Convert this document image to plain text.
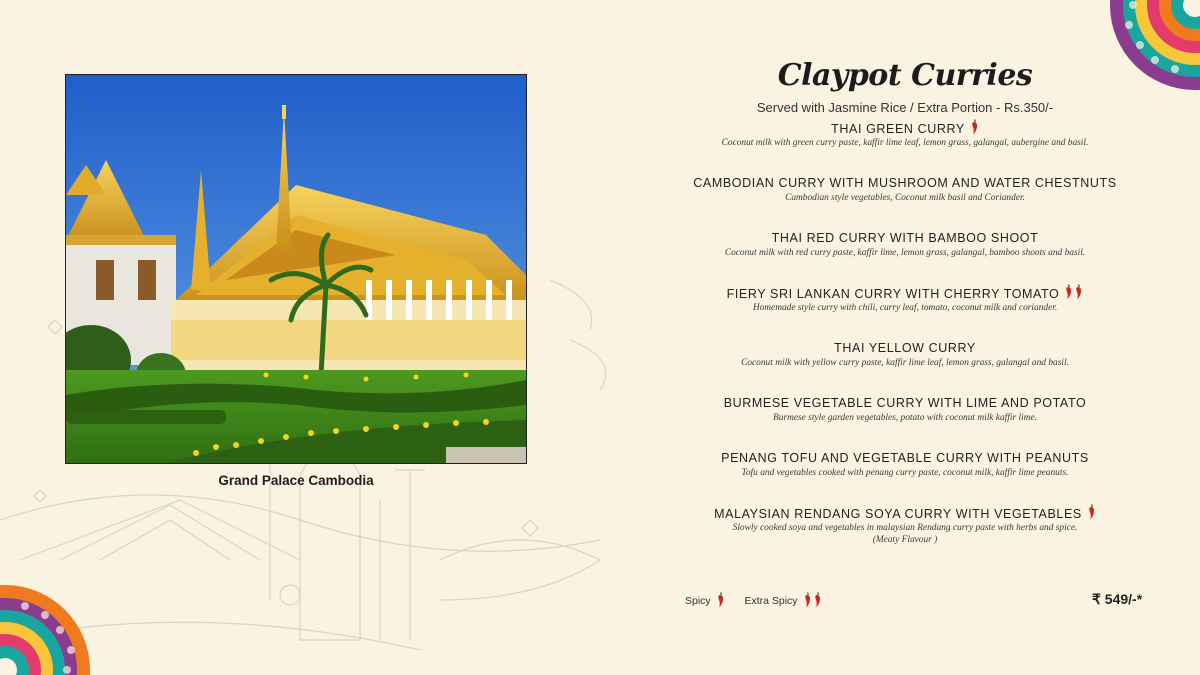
Grand Palace Cambodia
Claypot Curries
Served with Jasmine Rice / Extra Portion - Rs.350/-
THAI GREEN CURRY
Coconut milk with green curry paste, kaffir lime leaf, lemon grass, galangal, aubergine and basil.
CAMBODIAN CURRY WITH MUSHROOM AND WATER CHESTNUTS
Cambodian style vegetables, Coconut milk basil and Coriander.
THAI RED CURRY WITH BAMBOO SHOOT
Coconut milk with red curry paste, kaffir lime, lemon grass, galangal, bamboo shoots and basil.
FIERY SRI LANKAN CURRY WITH CHERRY TOMATO
Homemade style curry with chili, curry leaf, tomato, coconut milk and coriander.
THAI YELLOW CURRY
Coconut milk with yellow curry paste, kaffir lime leaf, lemon grass, galangal and basil.
BURMESE VEGETABLE CURRY WITH LIME AND POTATO
Burmese style garden vegetables, potato with coconut milk kaffir lime.
PENANG TOFU AND VEGETABLE CURRY WITH PEANUTS
Tofu and vegetables cooked with penang curry paste, coconut milk, kaffir lime peanuts.
MALAYSIAN RENDANG SOYA CURRY WITH VEGETABLES
Slowly cooked soya and vegetables in malaysian Rendang curry paste with herbs and spice.
(Meaty Flavour )
Spicy	Extra Spicy	₹ 549/-*
